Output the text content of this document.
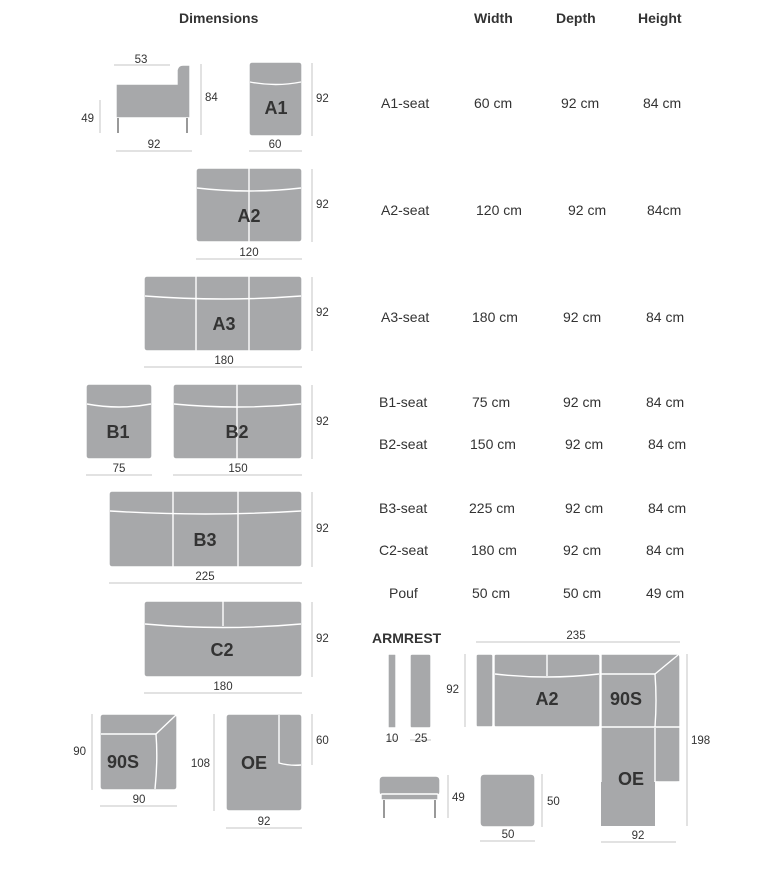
Dimensions	Width	Depth	Height
A1-seat	60 cm	92 cm	84 cm
A2-seat	120 cm	92 cm	84cm
A3-seat	180 cm	92 cm	84 cm
B1-seat	75 cm	92 cm	84 cm
B2-seat	150 cm	92 cm	84 cm
B3-seat	225 cm	92 cm	84 cm
C2-seat	180 cm	92 cm	84 cm
Pouf	50 cm	50 cm	49 cm
ARMREST
53
84
49
92
A1 92
60
A2
92
120
A3
92
180
B1
75
B2	92
150
B3
92
225
C2
92
180
90S
90
90
OE
108
60
92
10 25
49	50
50
235
198
92
92
A2	90S
OE
